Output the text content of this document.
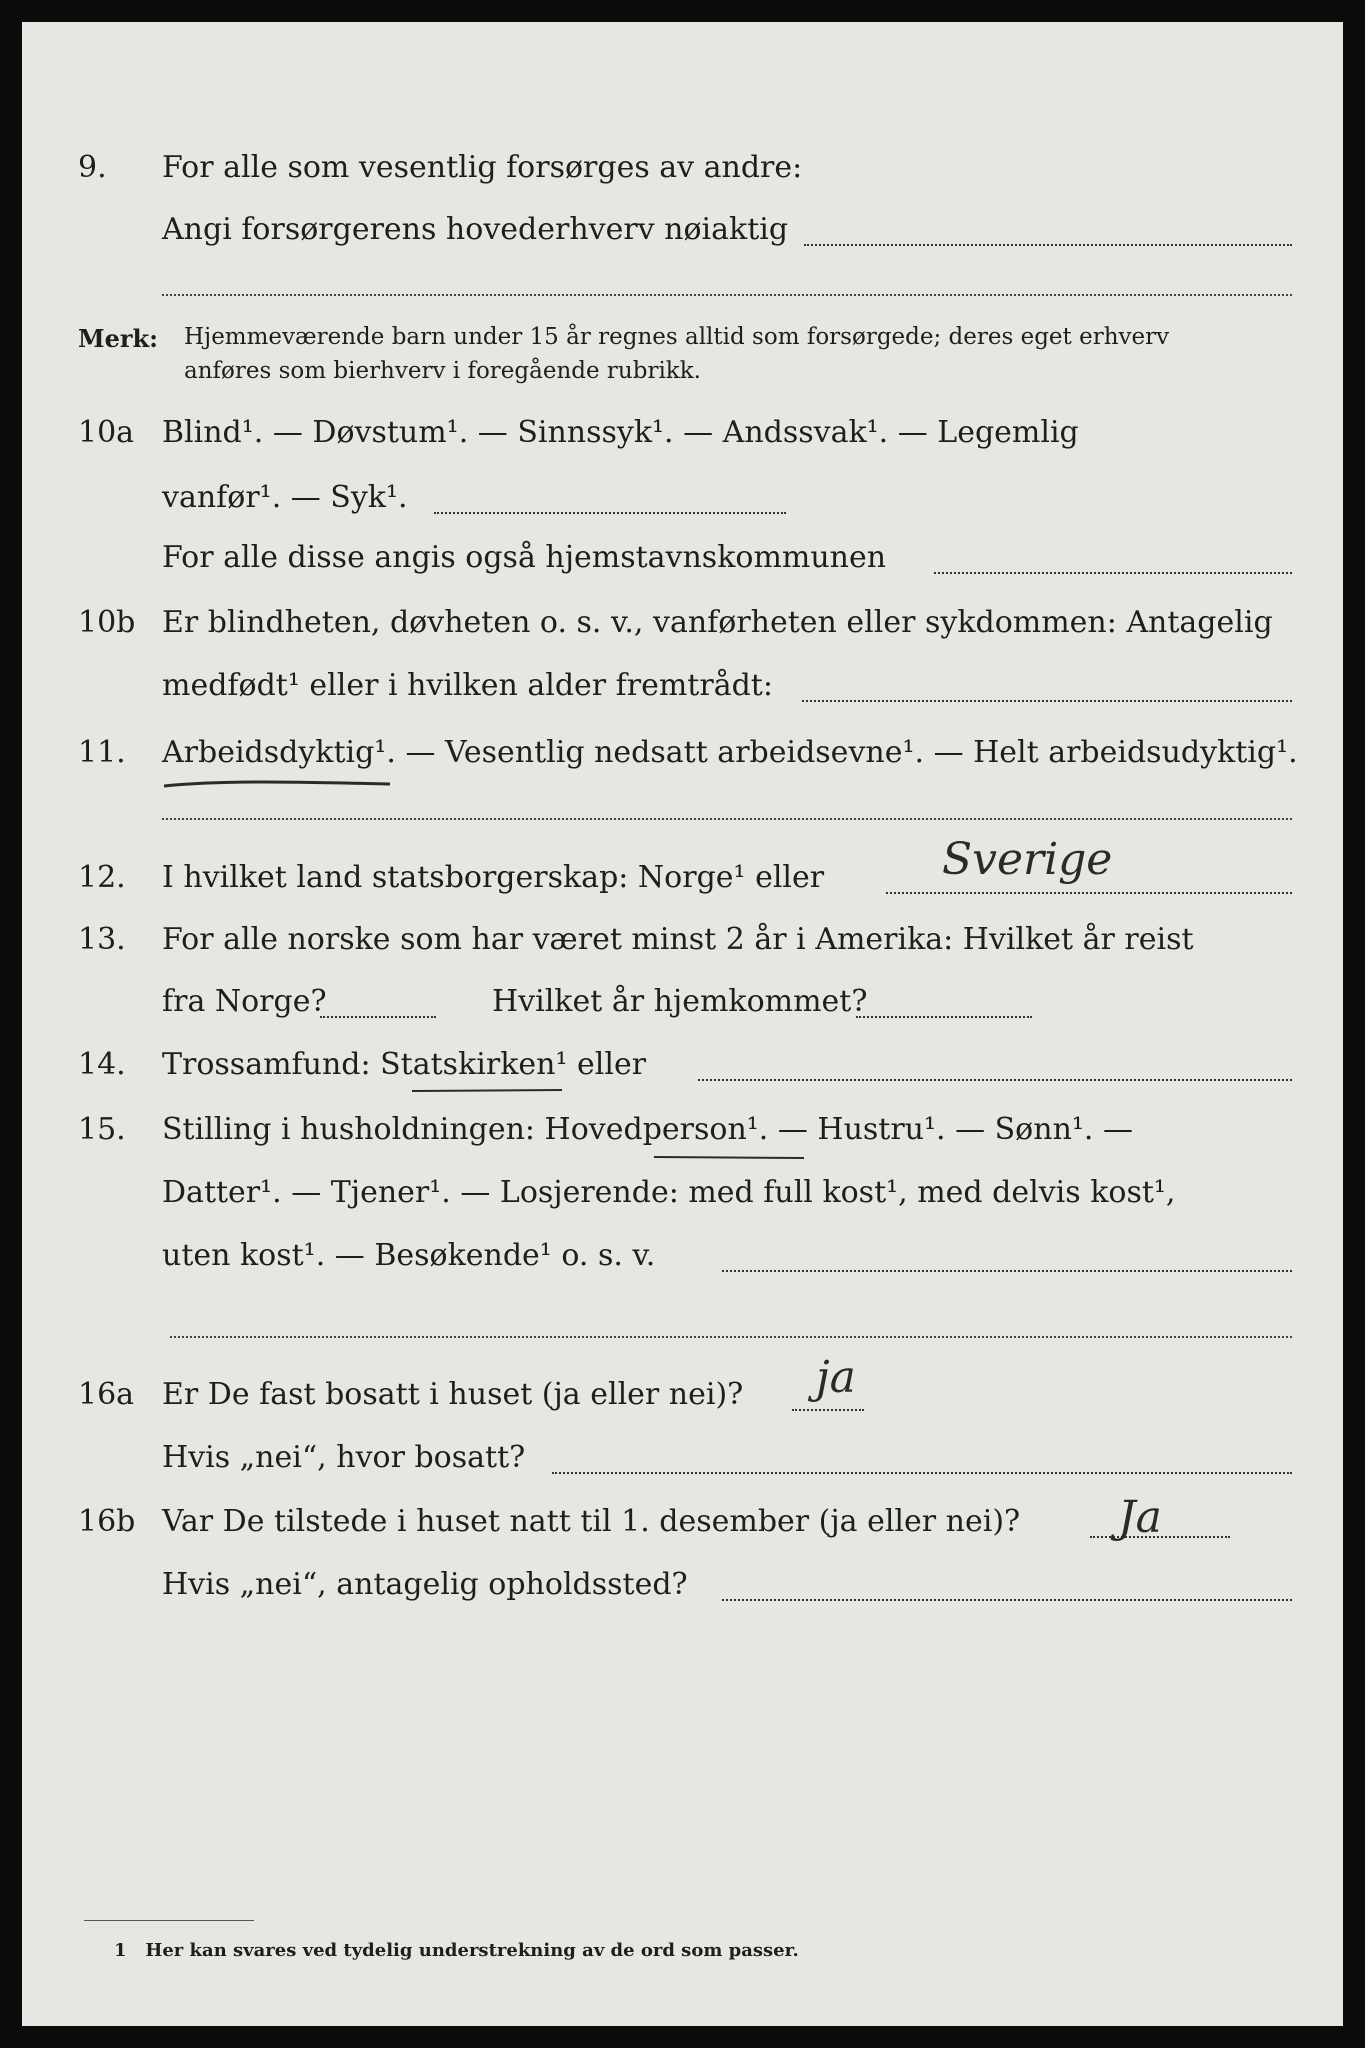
9. For alle som vesentlig forsørges av andre:
Angi forsørgerens hovederhverv nøiaktig
Merk: Hjemmeværende barn under 15 år regnes alltid som forsørgede; deres eget erhverv
anføres som bierhverv i foregående rubrikk.
10a Blind¹. — Døvstum¹. — Sinnssyk¹. — Andssvak¹. — Legemlig
vanfør¹. — Syk¹.
For alle disse angis også hjemstavnskommunen
10b Er blindheten, døvheten o. s. v., vanførheten eller sykdommen: Antagelig
medfødt¹ eller i hvilken alder fremtrådt:
11. Arbeidsdyktig¹. — Vesentlig nedsatt arbeidsevne¹. — Helt arbeidsudyktig¹.
12. I hvilket land statsborgerskap: Norge¹ eller	Sverige
13. For alle norske som har været minst 2 år i Amerika: Hvilket år reist
fra Norge?	Hvilket år hjemkommet?
14. Trossamfund: Statskirken¹ eller
15. Stilling i husholdningen: Hovedperson¹. — Hustru¹. — Sønn¹. —
Datter¹. — Tjener¹. — Losjerende: med full kost¹, med delvis kost¹,
uten kost¹. — Besøkende¹ o. s. v.
16a Er De fast bosatt i huset (ja eller nei)? ja
Hvis „nei“, hvor bosatt?
16b Var De tilstede i huset natt til 1. desember (ja eller nei)? Ja
Hvis „nei“, antagelig opholdssted?
1 Her kan svares ved tydelig understrekning av de ord som passer.
